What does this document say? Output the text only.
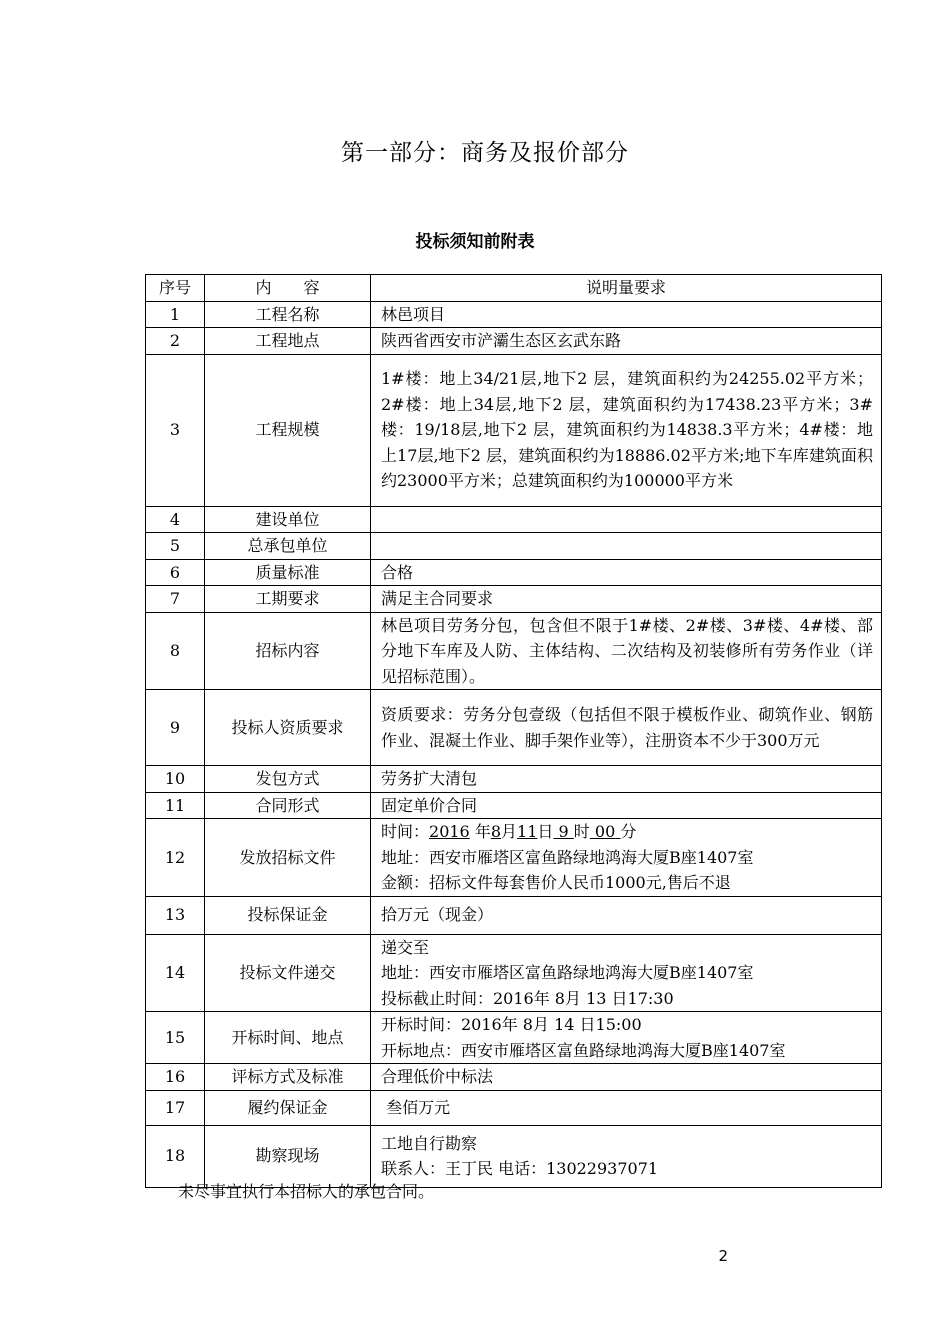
第一部分：商务及报价部分
投标须知前附表
序号	内　　容	说明量要求
1	工程名称	林邑项目

2	工程地点	陕西省西安市浐灞生态区玄武东路

3	工程规模	1#楼：地上34/21层,地下2 层，建筑面积约为24255.02平方米；2#楼：地上34层,地下2 层，建筑面积约为17438.23平方米；3#楼：19/18层,地下2 层，建筑面积约为14838.3平方米；4#楼：地上17层,地下2 层，建筑面积约为18886.02平方米;地下车库建筑面积约23000平方米；总建筑面积约为100000平方米
4	建设单位	

5	总承包单位	

6	质量标准	合格

7	工期要求	满足主合同要求

8	招标内容	林邑项目劳务分包，包含但不限于1#楼、2#楼、3#楼、4#楼、部分地下车库及人防、主体结构、二次结构及初装修所有劳务作业（详见招标范围）。
9	投标人资质要求	资质要求：劳务分包壹级（包括但不限于模板作业、砌筑作业、钢筋作业、混凝土作业、脚手架作业等），注册资本不少于300万元
10	发包方式	劳务扩大清包

11	合同形式	固定单价合同

12	发放招标文件	时间：2016 年8月11日 9 时 00 分
地址：西安市雁塔区富鱼路绿地鸿海大厦B座1407室
金额：招标文件每套售价人民币1000元,售后不退

13	投标保证金	拾万元（现金）

14	投标文件递交	递交至
地址：西安市雁塔区富鱼路绿地鸿海大厦B座1407室
投标截止时间：2016年 8月 13 日17:30

15	开标时间、地点	开标时间：2016年 8月 14 日15:00
开标地点：西安市雁塔区富鱼路绿地鸿海大厦B座1407室

16	评标方式及标准	合理低价中标法

17	履约保证金	叁佰万元

18	勘察现场	工地自行勘察
联系人：王丁民 电话：13022937071
未尽事宜执行本招标人的承包合同。
2
